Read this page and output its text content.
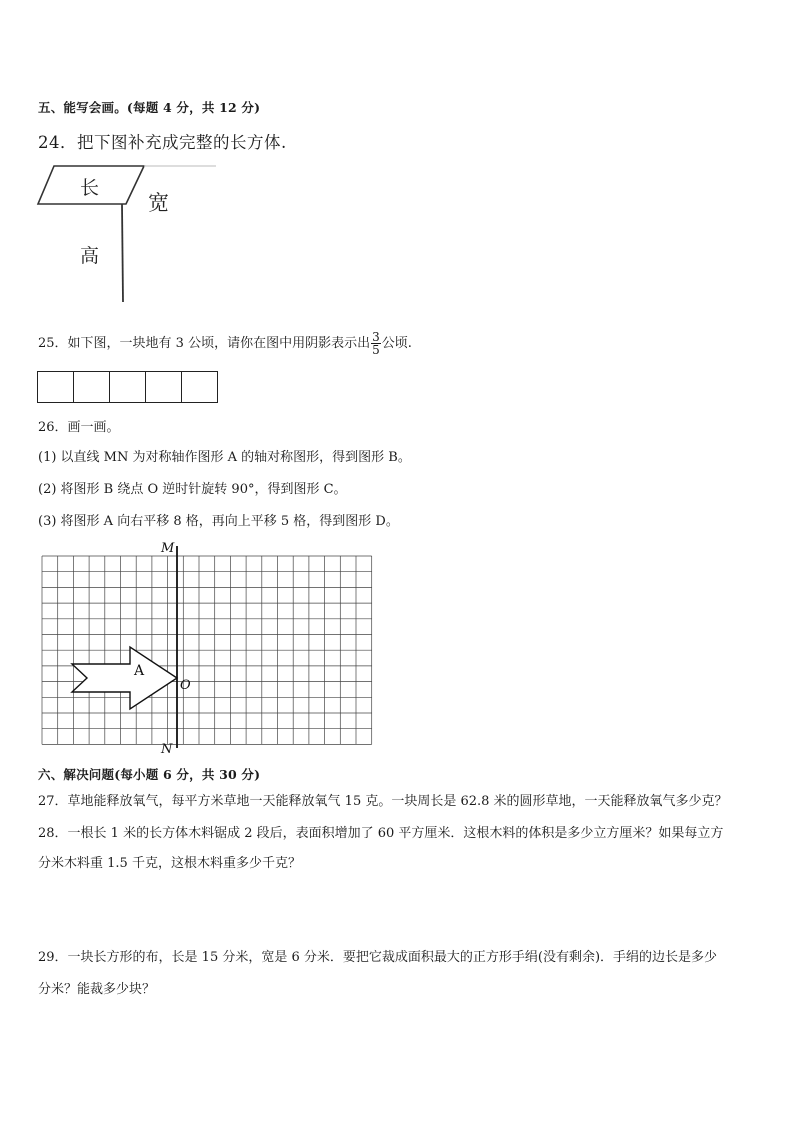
五、能写会画。(每题 4 分，共 12 分)
24．把下图补充成完整的长方体.
长
宽
高
25．如下图，一块地有 3 公顷，请你在图中用阴影表示出 $\frac{3}{5}$ 公顷.
26．画一画。
(1) 以直线 MN 为对称轴作图形 A 的轴对称图形，得到图形 B。
(2) 将图形 B 绕点 O 逆时针旋转 90°，得到图形 C。
(3) 将图形 A 向右平移 8 格，再向上平移 5 格，得到图形 D。
A
M
N
O
六、解决问题(每小题 6 分，共 30 分)
27．草地能释放氧气，每平方米草地一天能释放氧气 15 克。一块周长是 62.8 米的圆形草地，一天能释放氧气多少克？
28．一根长 1 米的长方体木料锯成 2 段后，表面积增加了 60 平方厘米．这根木料的体积是多少立方厘米？如果每立方
分米木料重 1.5 千克，这根木料重多少千克？
29．一块长方形的布，长是 15 分米，宽是 6 分米．要把它裁成面积最大的正方形手绢(没有剩余)．手绢的边长是多少
分米？能裁多少块？
